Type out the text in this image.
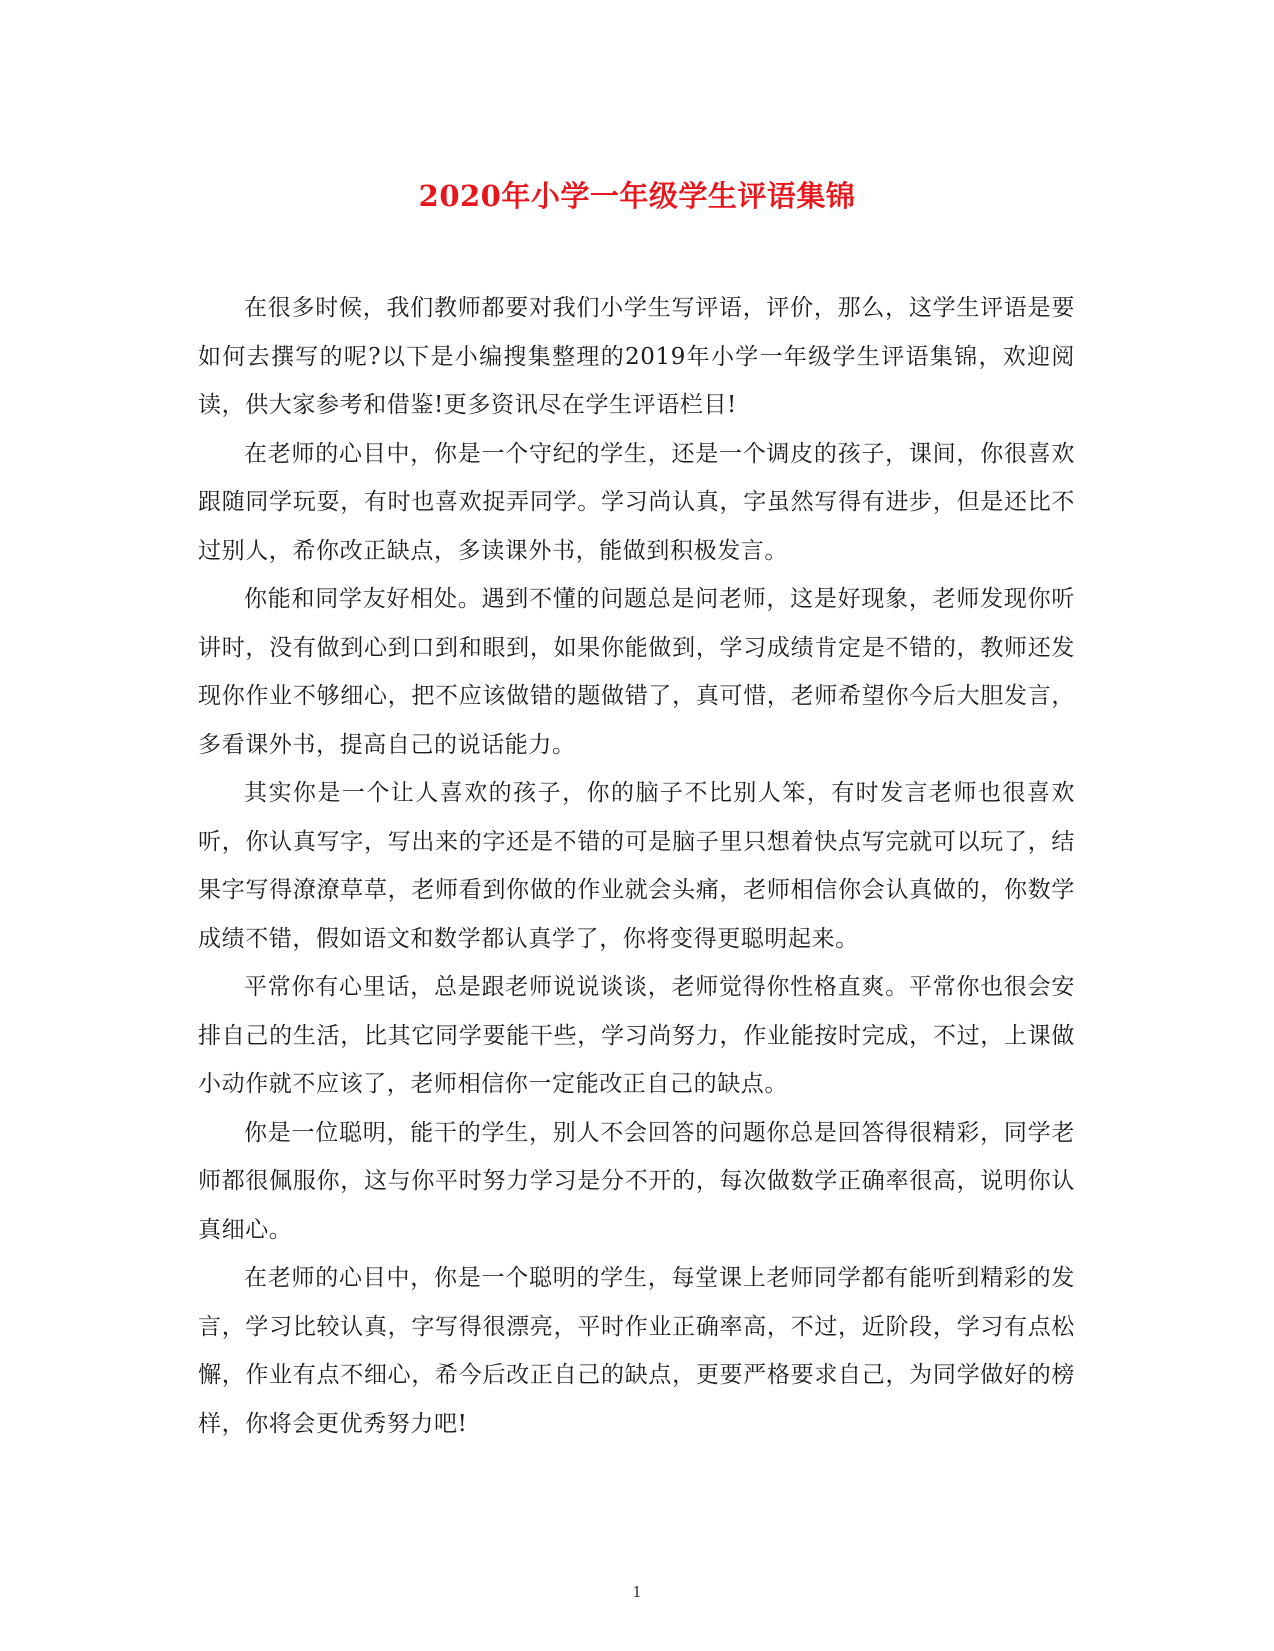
2020年小学一年级学生评语集锦

在很多时候，我们教师都要对我们小学生写评语，评价，那么，这学生评语是要如何去撰写的呢?以下是小编搜集整理的2019年小学一年级学生评语集锦，欢迎阅读，供大家参考和借鉴!更多资讯尽在学生评语栏目!

在老师的心目中，你是一个守纪的学生，还是一个调皮的孩子，课间，你很喜欢跟随同学玩耍，有时也喜欢捉弄同学。学习尚认真，字虽然写得有进步，但是还比不过别人，希你改正缺点，多读课外书，能做到积极发言。

你能和同学友好相处。遇到不懂的问题总是问老师，这是好现象，老师发现你听讲时，没有做到心到口到和眼到，如果你能做到，学习成绩肯定是不错的，教师还发现你作业不够细心，把不应该做错的题做错了，真可惜，老师希望你今后大胆发言，多看课外书，提高自己的说话能力。

其实你是一个让人喜欢的孩子，你的脑子不比别人笨，有时发言老师也很喜欢听，你认真写字，写出来的字还是不错的可是脑子里只想着快点写完就可以玩了，结果字写得潦潦草草，老师看到你做的作业就会头痛，老师相信你会认真做的，你数学成绩不错，假如语文和数学都认真学了，你将变得更聪明起来。

平常你有心里话，总是跟老师说说谈谈，老师觉得你性格直爽。平常你也很会安排自己的生活，比其它同学要能干些，学习尚努力，作业能按时完成，不过，上课做小动作就不应该了，老师相信你一定能改正自己的缺点。

你是一位聪明，能干的学生，别人不会回答的问题你总是回答得很精彩，同学老师都很佩服你，这与你平时努力学习是分不开的，每次做数学正确率很高，说明你认真细心。

在老师的心目中，你是一个聪明的学生，每堂课上老师同学都有能听到精彩的发言，学习比较认真，字写得很漂亮，平时作业正确率高，不过，近阶段，学习有点松懈，作业有点不细心，希今后改正自己的缺点，更要严格要求自己，为同学做好的榜样，你将会更优秀努力吧!

1
